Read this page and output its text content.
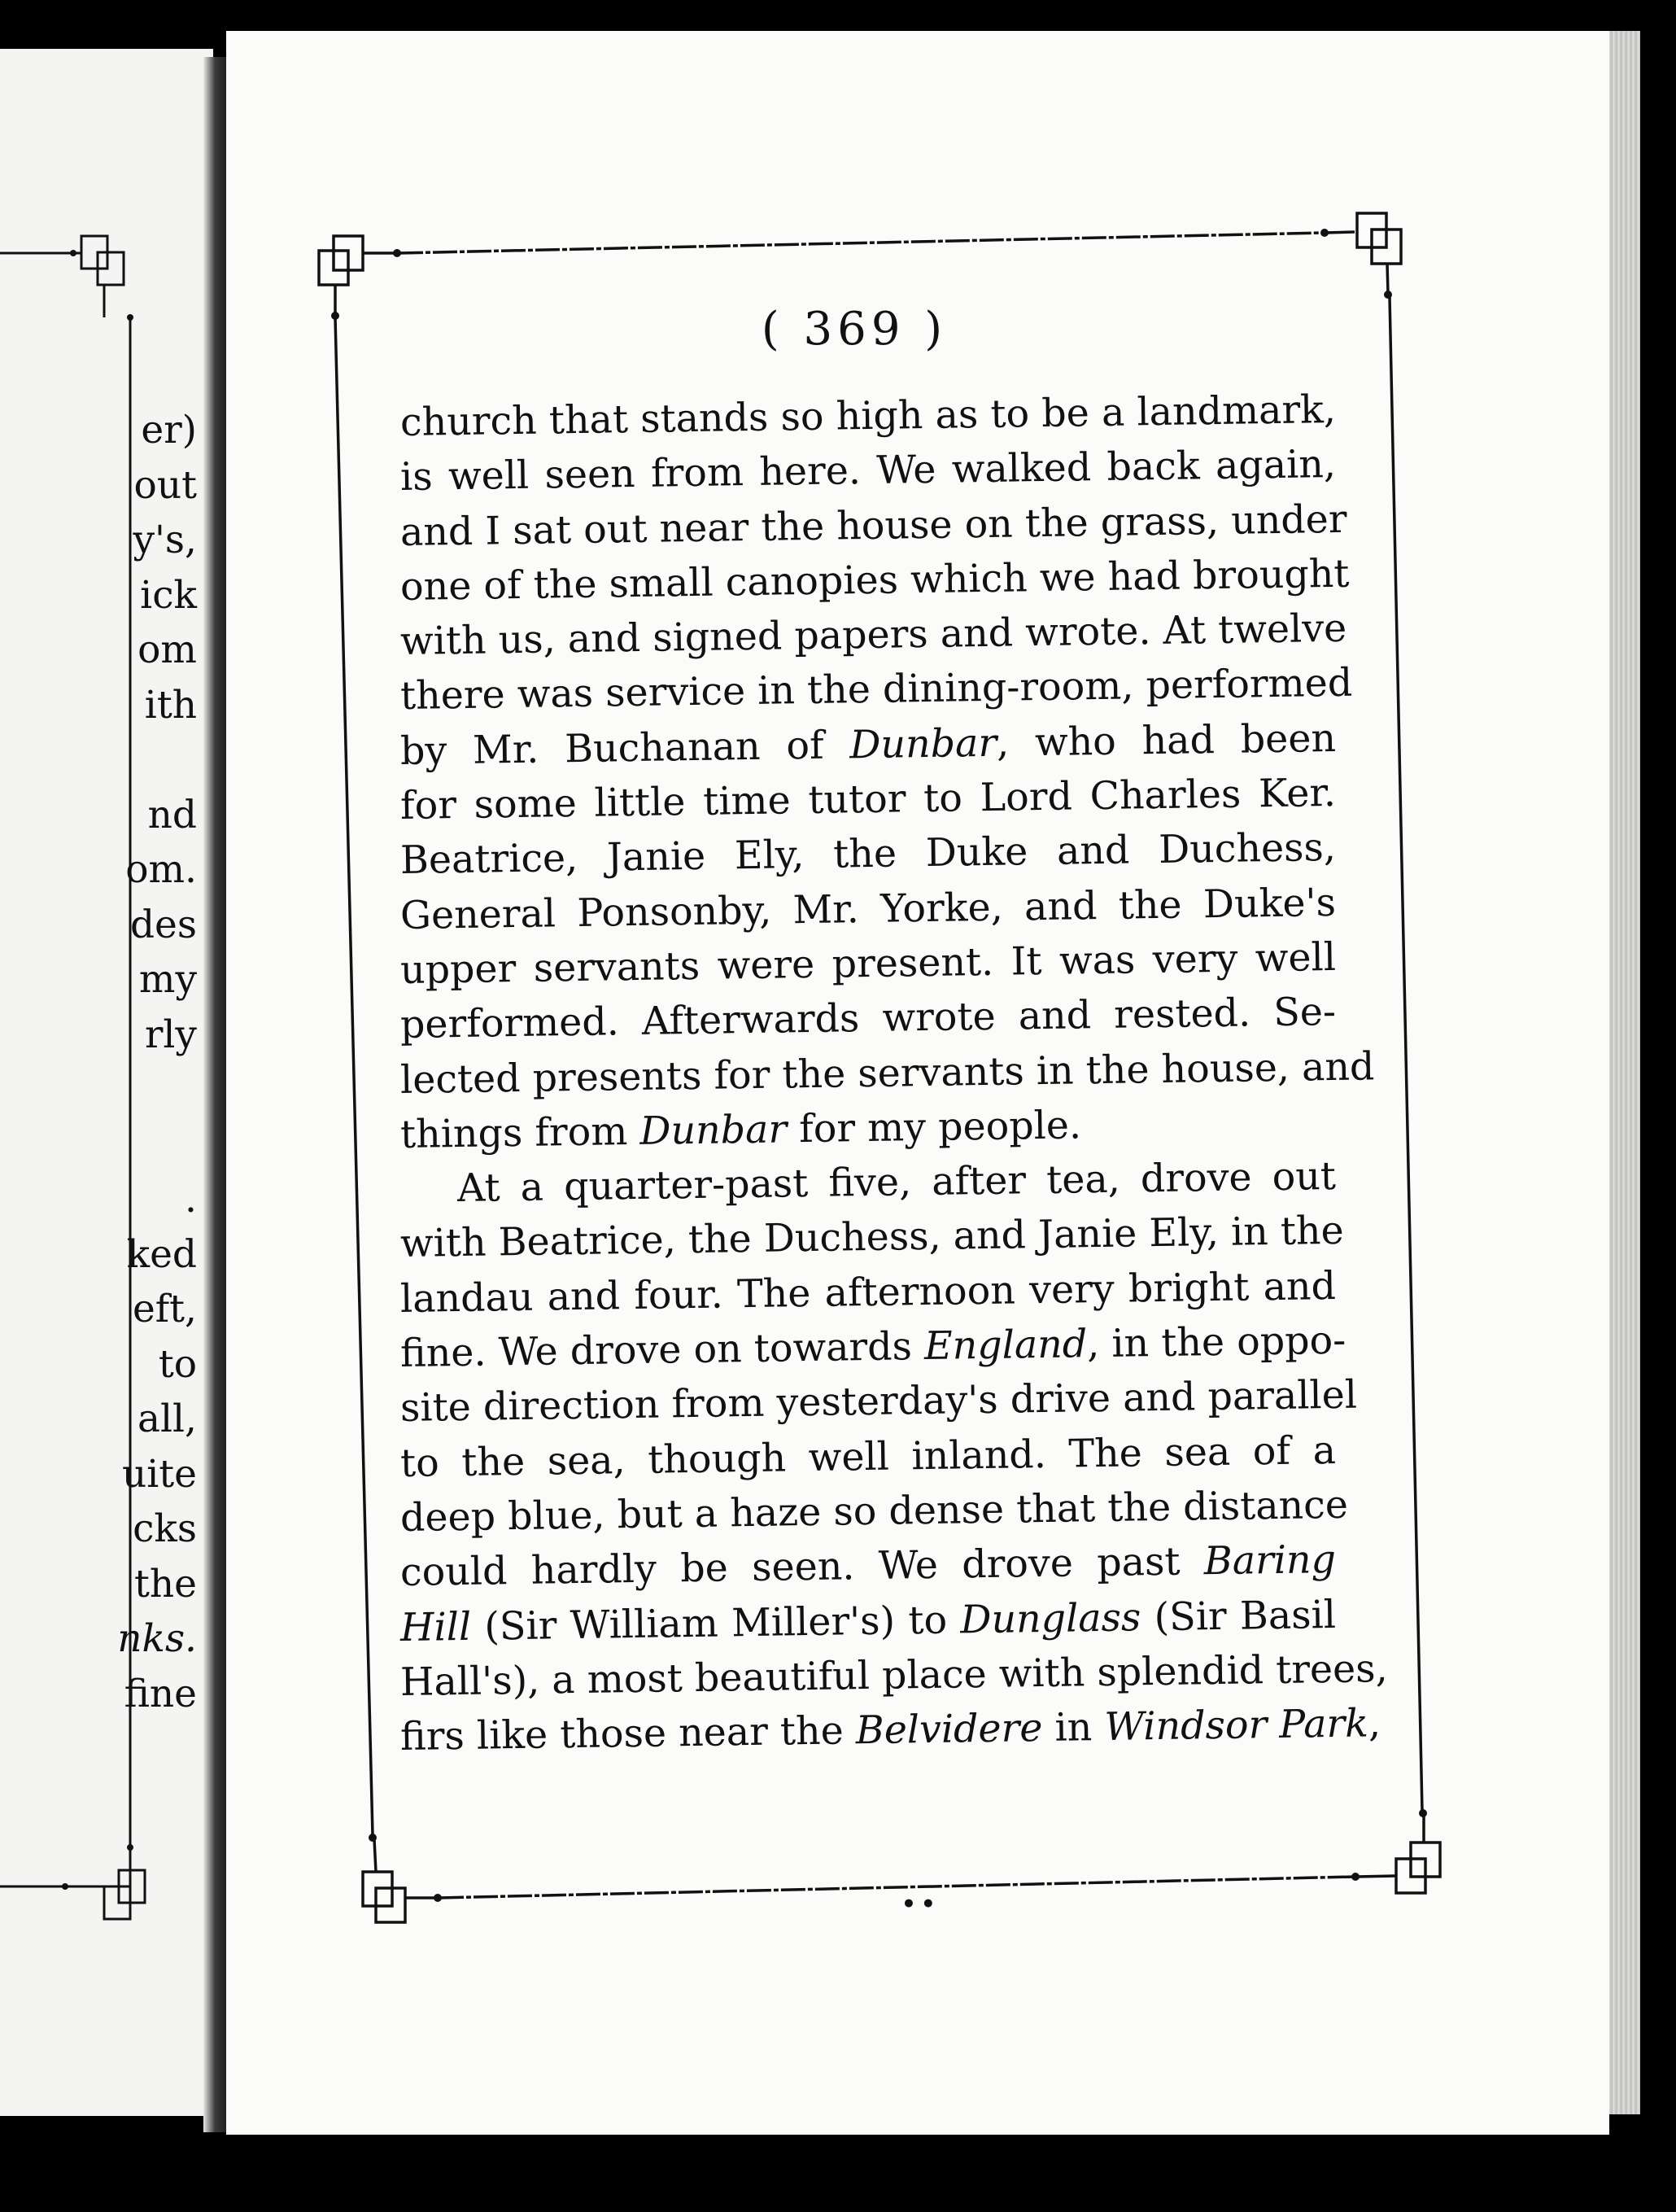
er)
out
y's,
ick
om
ith
nd
om.
des
my
rly
.
ked
eft,
to
all,
uite
cks
the
nks.
fine
( 369 )
church that stands so high as to be a landmark,
is well seen from here. We walked back again,
and I sat out near the house on the grass, under
one of the small canopies which we had brought
with us, and signed papers and wrote. At twelve
there was service in the dining-room, performed
by Mr. Buchanan of Dunbar, who had been
for some little time tutor to Lord Charles Ker.
Beatrice, Janie Ely, the Duke and Duchess,
General Ponsonby, Mr. Yorke, and the Duke's
upper servants were present. It was very well
performed. Afterwards wrote and rested. Se-
lected presents for the servants in the house, and
things from Dunbar for my people.
At a quarter-past five, after tea, drove out
with Beatrice, the Duchess, and Janie Ely, in the
landau and four. The afternoon very bright and
fine. We drove on towards England, in the oppo-
site direction from yesterday's drive and parallel
to the sea, though well inland. The sea of a
deep blue, but a haze so dense that the distance
could hardly be seen. We drove past Baring
Hill (Sir William Miller's) to Dunglass (Sir Basil
Hall's), a most beautiful place with splendid trees,
firs like those near the Belvidere in Windsor Park
••
